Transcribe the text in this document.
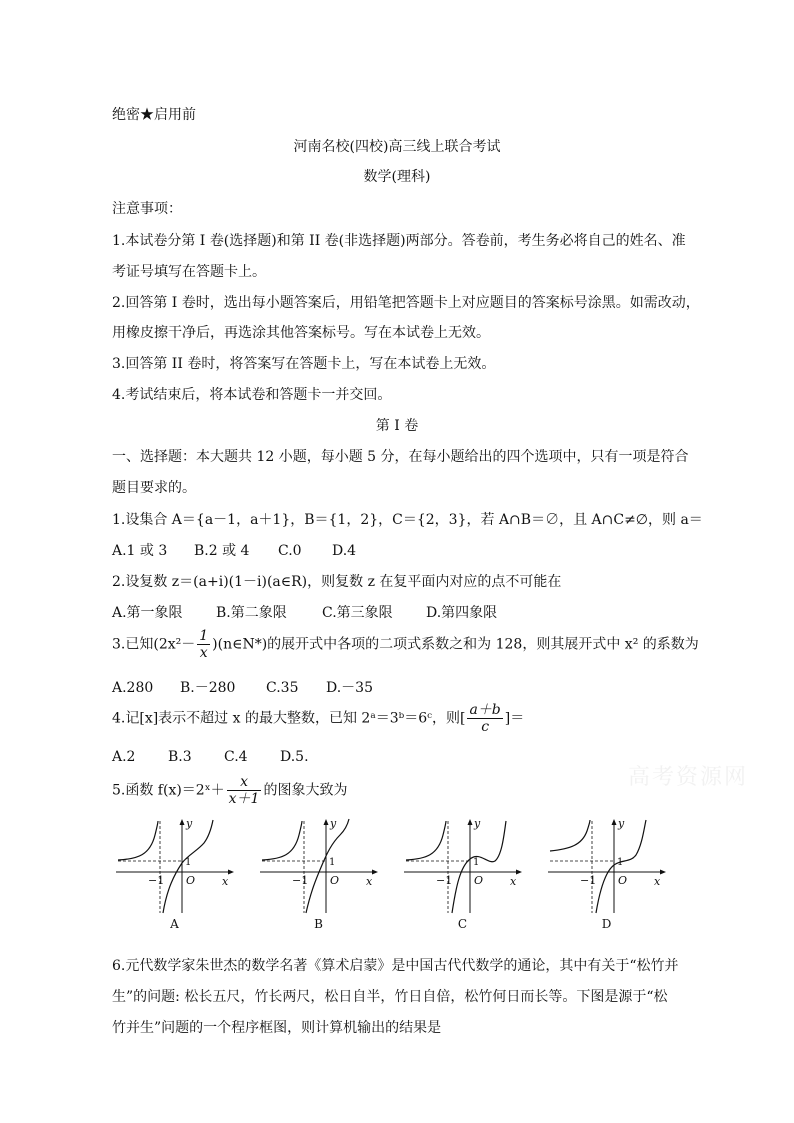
绝密★启用前
河南名校(四校)高三线上联合考试
数学(理科)
注意事项：
1.本试卷分第 I 卷(选择题)和第 II 卷(非选择题)两部分。答卷前，考生务必将自己的姓名、准
考证号填写在答题卡上。
2.回答第 I 卷时，选出每小题答案后，用铅笔把答题卡上对应题目的答案标号涂黑。如需改动，
用橡皮擦干净后，再选涂其他答案标号。写在本试卷上无效。
3.回答第 II 卷时，将答案写在答题卡上，写在本试卷上无效。
4.考试结束后，将本试卷和答题卡一并交回。
第 I 卷
一、选择题：本大题共 12 小题，每小题 5 分，在每小题给出的四个选项中，只有一项是符合
题目要求的。
1.设集合 A＝{a－1，a＋1}，B＝{1，2}，C＝{2，3}，若 A∩B＝∅，且 A∩C≠∅，则 a＝
A.1 或 3 B.2 或 4 C.0 D.4
2.设复数 z＝(a+i)(1－i)(a∈R)，则复数 z 在复平面内对应的点不可能在
A.第一象限 B.第二象限	C.第三象限 D.第四象限
3.已知($2x^2- \frac{1}{x}$ )(n∈N*)的展开式中各项的二项式系数之和为 128，则其展开式中 x² 的系数为
A.280 B.－280 C.35 D.－35
4.记[x]表示不超过 x 的最大整数，已知 2ᵃ＝3ᵇ＝6ᶜ，则[ $\frac{a+b}{c}$ ]＝
A.2 B.3 C.4 D.5.
高考资源网
5.函数 f(x)＝2ˣ＋ $\frac{x}{x+1}$ 的图象大致为
y
x
−1 O
1
A
y
x
−1 O
1
B
y
x
−1 O
1
C
y
x
−1 O
1
D
6.元代数学家朱世杰的数学名著《算术启蒙》是中国古代代数学的通论，其中有关于“松竹并
生”的问题: 松长五尺，竹长两尺，松日自半，竹日自倍，松竹何日而长等。下图是源于“松
竹并生”问题的一个程序框图，则计算机输出的结果是
